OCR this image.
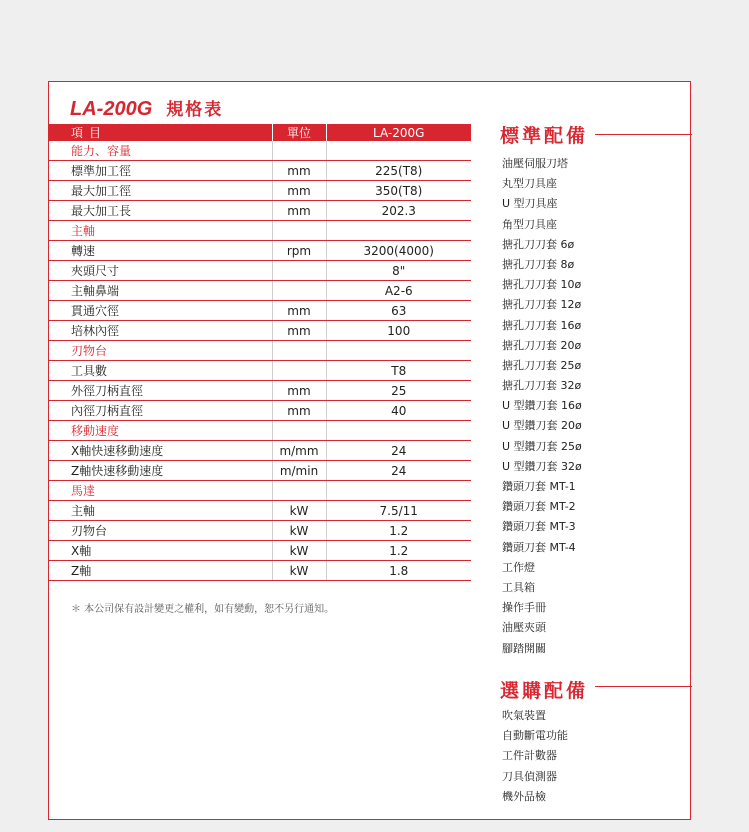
LA-200G 規格表
項目	單位	LA-200G
能力、容量		
標準加工徑	mm	225(T8)
最大加工徑	mm	350(T8)
最大加工長	mm	202.3
主軸		
轉速	rpm	3200(4000)
夾頭尺寸		8"
主軸鼻端		A2-6
貫通穴徑	mm	63
培林內徑	mm	100
刃物台		
工具數		T8
外徑刀柄直徑	mm	25
內徑刀柄直徑	mm	40
移動速度		
X軸快速移動速度	m/mm	24
Z軸快速移動速度	m/min	24
馬達		
主軸	kW	7.5/11
刃物台	kW	1.2
X軸	kW	1.2
Z軸	kW	1.8
＊ 本公司保有設計變更之權利，如有變動，恕不另行通知。
標準配備
油壓伺服刀塔
丸型刀具座
U 型刀具座
角型刀具座
搪孔刀刀套 6ø
搪孔刀刀套 8ø
搪孔刀刀套 10ø
搪孔刀刀套 12ø
搪孔刀刀套 16ø
搪孔刀刀套 20ø
搪孔刀刀套 25ø
搪孔刀刀套 32ø
U 型鑽刀套 16ø
U 型鑽刀套 20ø
U 型鑽刀套 25ø
U 型鑽刀套 32ø
鑽頭刀套 MT-1
鑽頭刀套 MT-2
鑽頭刀套 MT-3
鑽頭刀套 MT-4
工作燈
工具箱
操作手冊
油壓夾頭
腳踏開關
選購配備
吹氣裝置
自動斷電功能
工件計數器
刀具偵測器
機外品檢
